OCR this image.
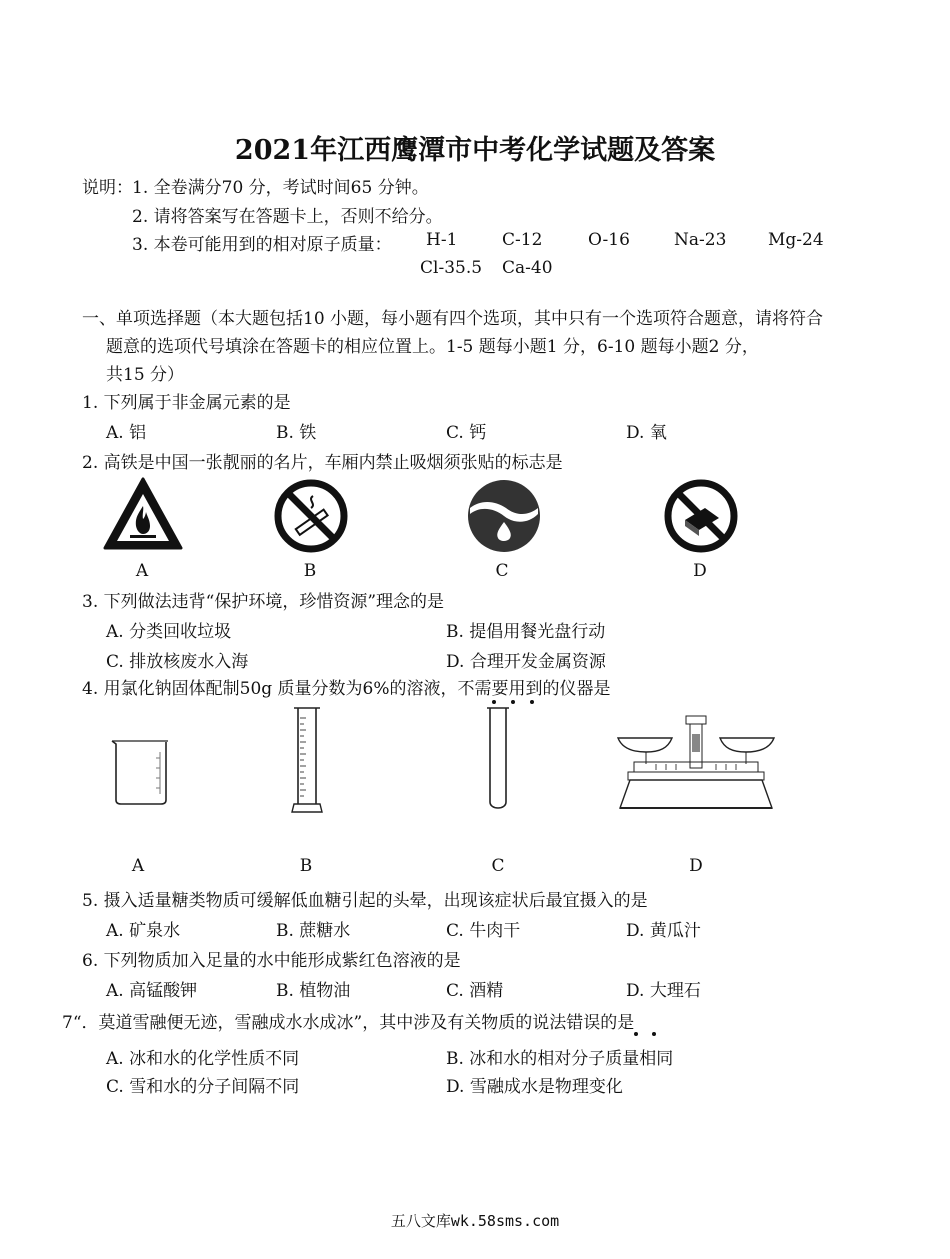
2021年江西鹰潭市中考化学试题及答案
说明： 1. 全卷满分70 分，考试时间65 分钟。
2. 请将答案写在答题卡上，否则不给分。
3. 本卷可能用到的相对原子质量： H-1	C-12	O-16	Na-23 Mg-24
Cl-35.5 Ca-40
一、单项选择题（本大题包括10 小题，每小题有四个选项，其中只有一个选项符合题意，请将符合
题意的选项代号填涂在答题卡的相应位置上。1-5 题每小题1 分，6-10 题每小题2 分，
共15 分）
1. 下列属于非金属元素的是
A. 铝	B. 铁	C. 钙	D. 氧
2. 高铁是中国一张靓丽的名片，车厢内禁止吸烟须张贴的标志是
A	B	C	D
3. 下列做法违背“保护环境，珍惜资源”理念的是
A. 分类回收垃圾	B. 提倡用餐光盘行动
C. 排放核废水入海	D. 合理开发金属资源
4. 用氯化钠固体配制50g 质量分数为6%的溶液，不需要用到的仪器是
A	B	C	D
5. 摄入适量糖类物质可缓解低血糖引起的头晕，出现该症状后最宜摄入的是
A. 矿泉水	B. 蔗糖水	C. 牛肉干	D. 黄瓜汁
6. 下列物质加入足量的水中能形成紫红色溶液的是
A. 高锰酸钾	B. 植物油	C. 酒精	D. 大理石
7“．莫道雪融便无迹，雪融成水水成冰”，其中涉及有关物质的说法错误的是
A. 冰和水的化学性质不同	B. 冰和水的相对分子质量相同
C. 雪和水的分子间隔不同	D. 雪融成水是物理变化
五八文库wk.58sms.com
